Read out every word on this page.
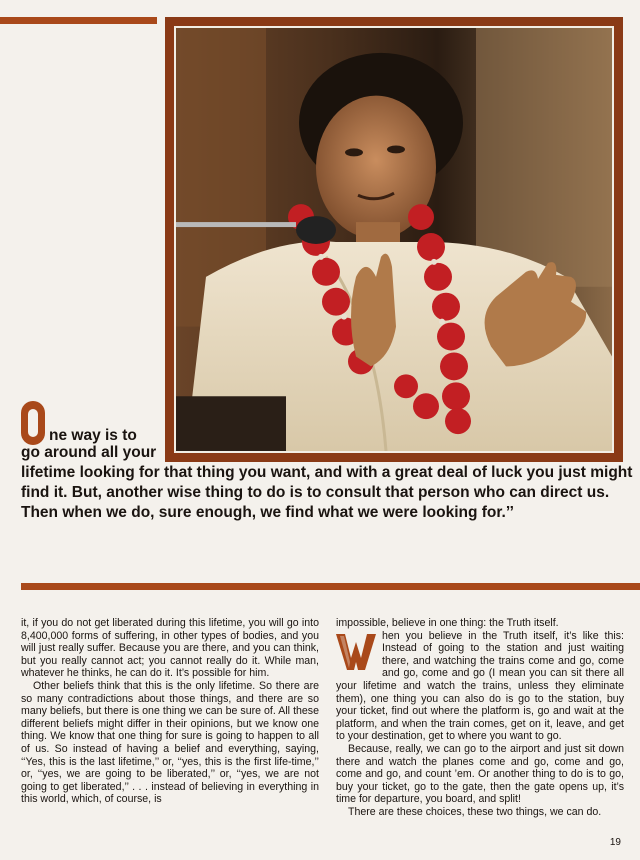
ne way is to
go around all your

lifetime looking for that thing you want, and with a great deal of luck you just might find it. But, another wise thing to do is to consult that person who can direct us. Then when we do, sure enough, we find what we were looking for.’’

it, if you do not get liberated during this lifetime, you will go into 8,400,000 forms of suffering, in other types of bodies, and you will just really suffer. Because you are there, and you can think, but you really cannot act; you cannot really do it. While man, whatever he thinks, he can do it. It’s possible for him.

Other beliefs think that this is the only lifetime. So there are so many contradictions about those things, and there are so many beliefs, but there is one thing we can be sure of. All these different beliefs might differ in their opinions, but we know one thing. We know that one thing for sure is going to happen to all of us. So instead of having a belief and everything, saying, ‘‘Yes, this is the last lifetime,’’ or, ‘‘yes, this is the first life-time,’’ or, ‘‘yes, we are going to be liberated,’’ or, ‘‘yes, we are not going to get liberated,’’ . . . instead of believing in everything in this world, which, of course, is

impossible, believe in one thing: the Truth itself.

hen you believe in the Truth itself, it’s like this: Instead of going to the station and just waiting there, and watching the trains come and go, come and go, come and go (I mean you can sit there all your lifetime and watch the trains, unless they eliminate them), one thing you can also do is go to the station, buy your ticket, find out where the platform is, go and wait at the platform, and when the train comes, get on it, leave, and get to your destination, get to where you want to go.

Because, really, we can go to the airport and just sit down there and watch the planes come and go, come and go, come and go, and count ’em. Or another thing to do is to go, buy your ticket, go to the gate, then the gate opens up, it’s time for departure, you board, and split!

There are these choices, these two things, we can do.

19
